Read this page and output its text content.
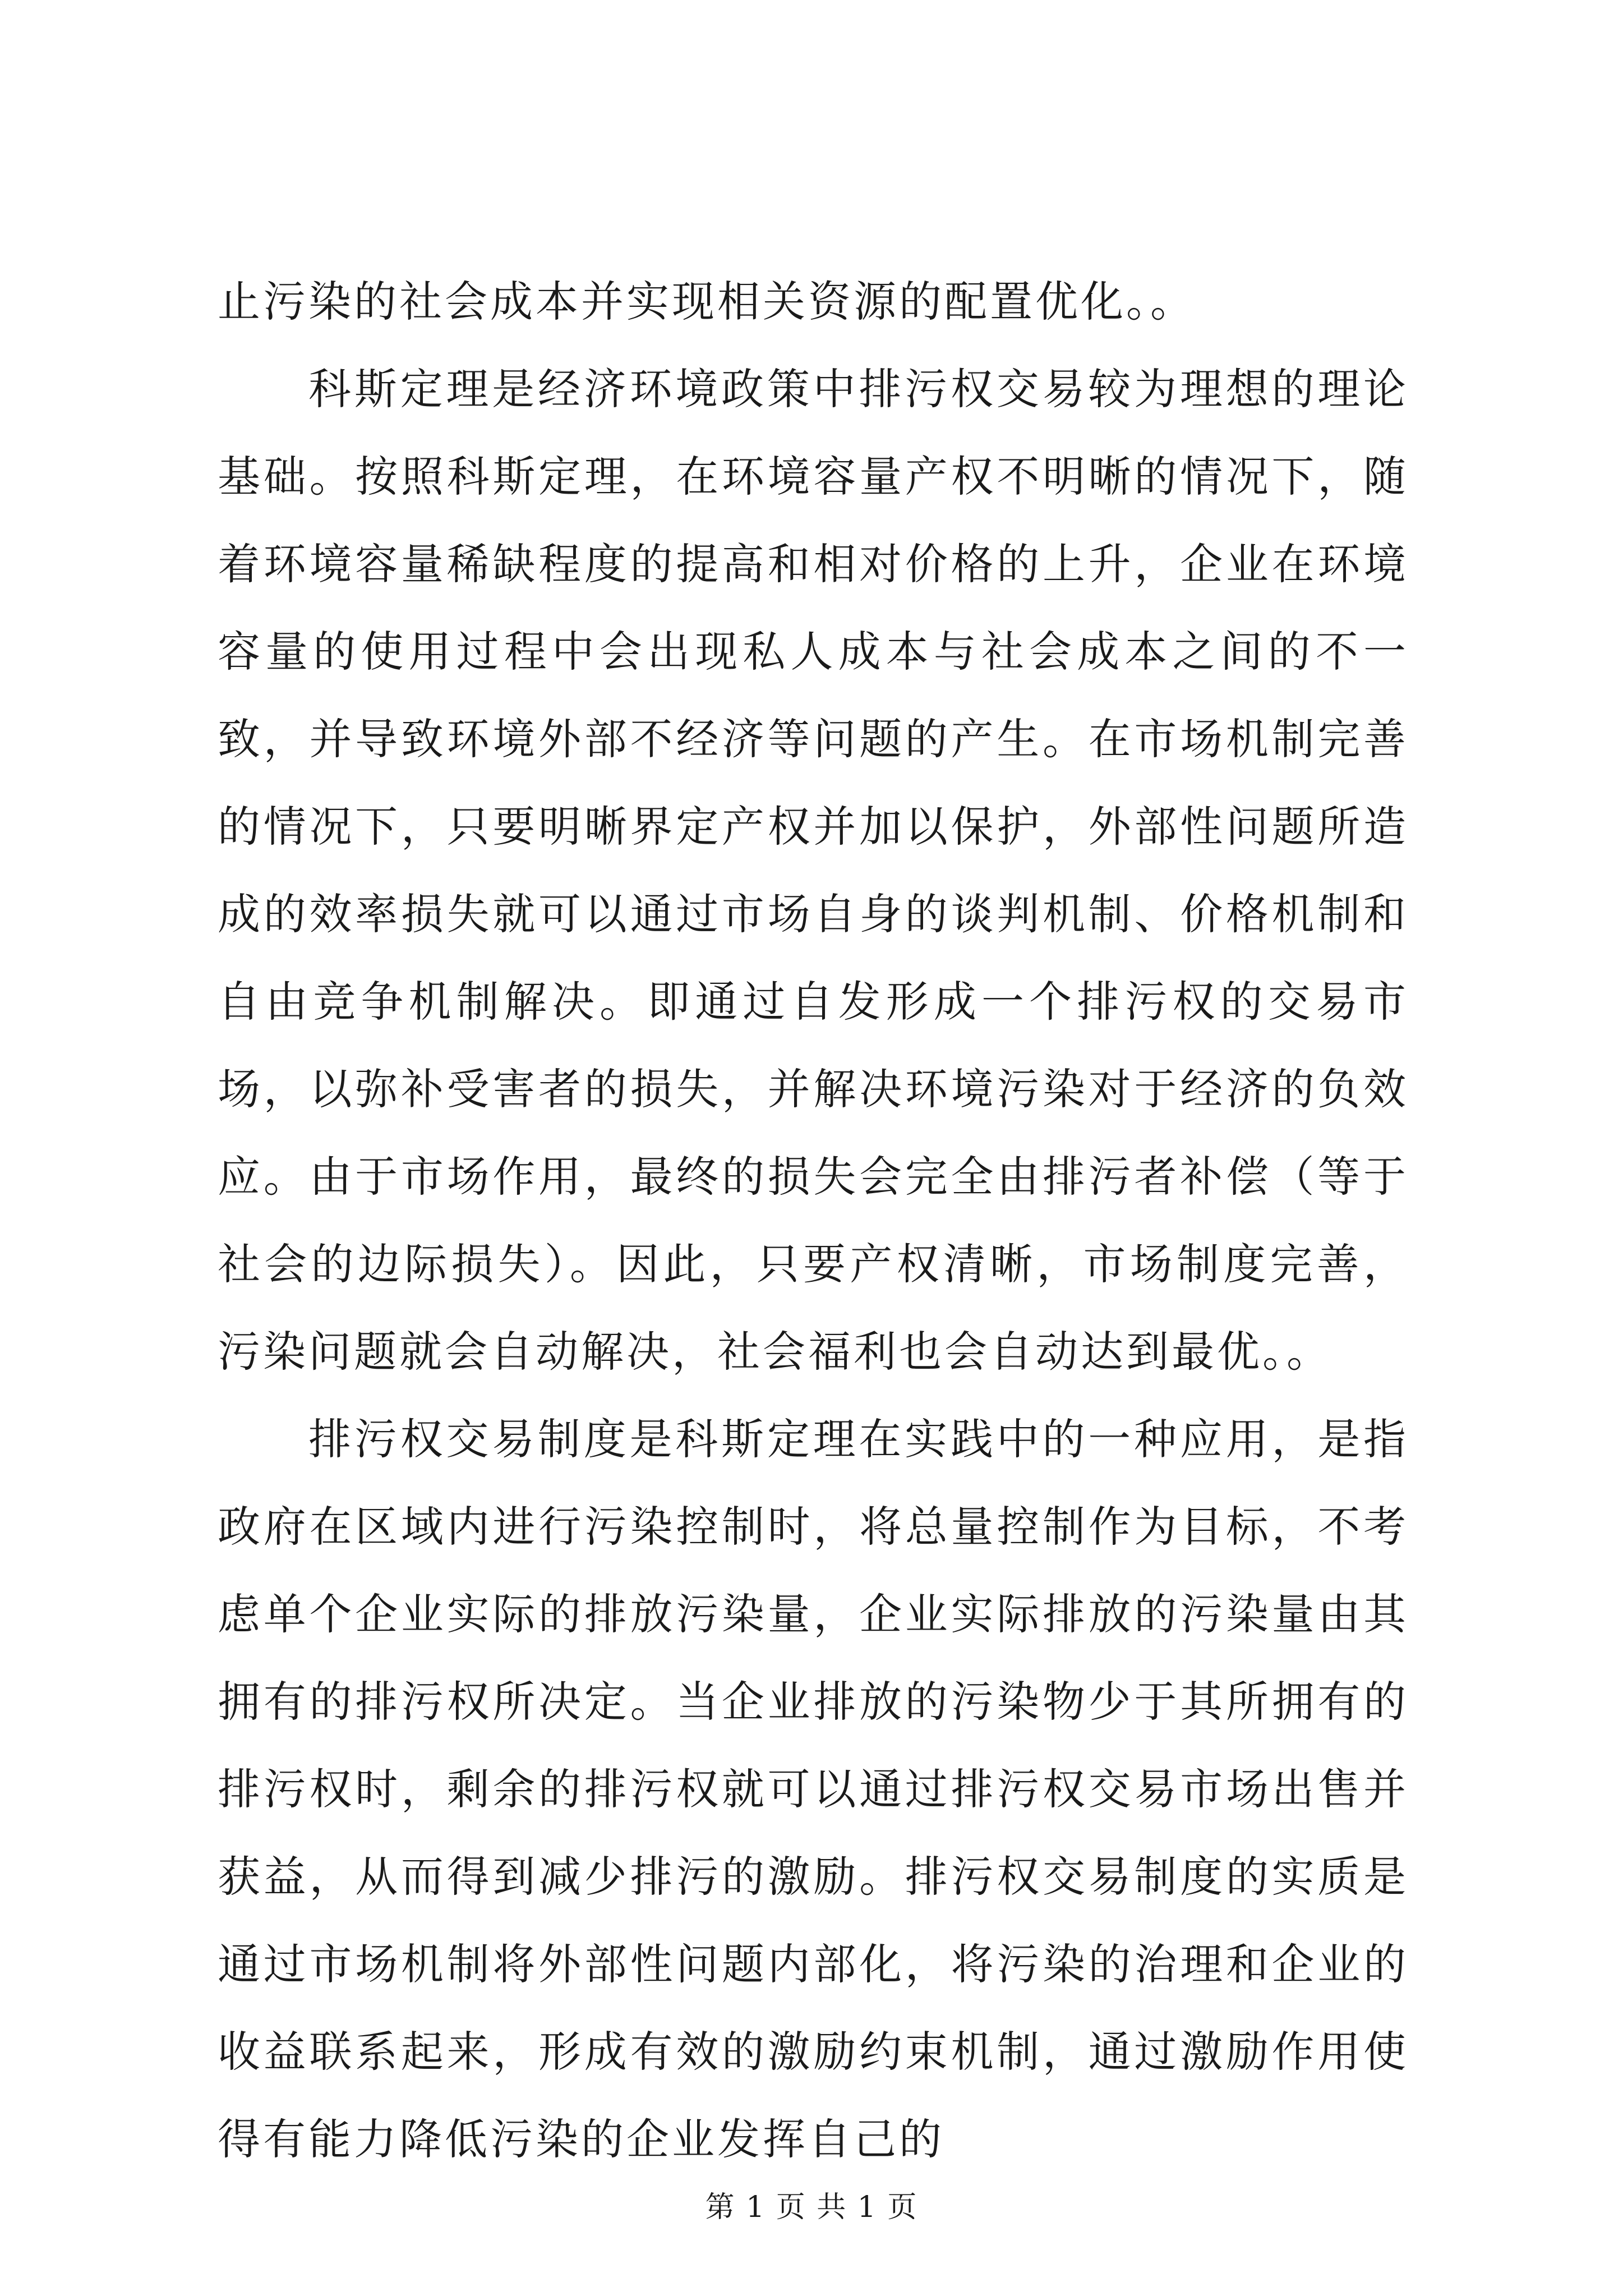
止污染的社会成本并实现相关资源的配置优化。。

科斯定理是经济环境政策中排污权交易较为理想的理论基础。按照科斯定理，在环境容量产权不明晰的情况下，随着环境容量稀缺程度的提高和相对价格的上升，企业在环境容量的使用过程中会出现私人成本与社会成本之间的不一致，并导致环境外部不经济等问题的产生。在市场机制完善的情况下，只要明晰界定产权并加以保护，外部性问题所造成的效率损失就可以通过市场自身的谈判机制、价格机制和自由竞争机制解决。即通过自发形成一个排污权的交易市场，以弥补受害者的损失，并解决环境污染对于经济的负效应。由于市场作用，最终的损失会完全由排污者补偿（等于社会的边际损失）。因此，只要产权清晰，市场制度完善，污染问题就会自动解决，社会福利也会自动达到最优。。

排污权交易制度是科斯定理在实践中的一种应用，是指政府在区域内进行污染控制时，将总量控制作为目标，不考虑单个企业实际的排放污染量，企业实际排放的污染量由其拥有的排污权所决定。当企业排放的污染物少于其所拥有的排污权时，剩余的排污权就可以通过排污权交易市场出售并获益，从而得到减少排污的激励。排污权交易制度的实质是通过市场机制将外部性问题内部化，将污染的治理和企业的收益联系起来，形成有效的激励约束机制，通过激励作用使得有能力降低污染的企业发挥自己的

第 1 页 共 1 页
